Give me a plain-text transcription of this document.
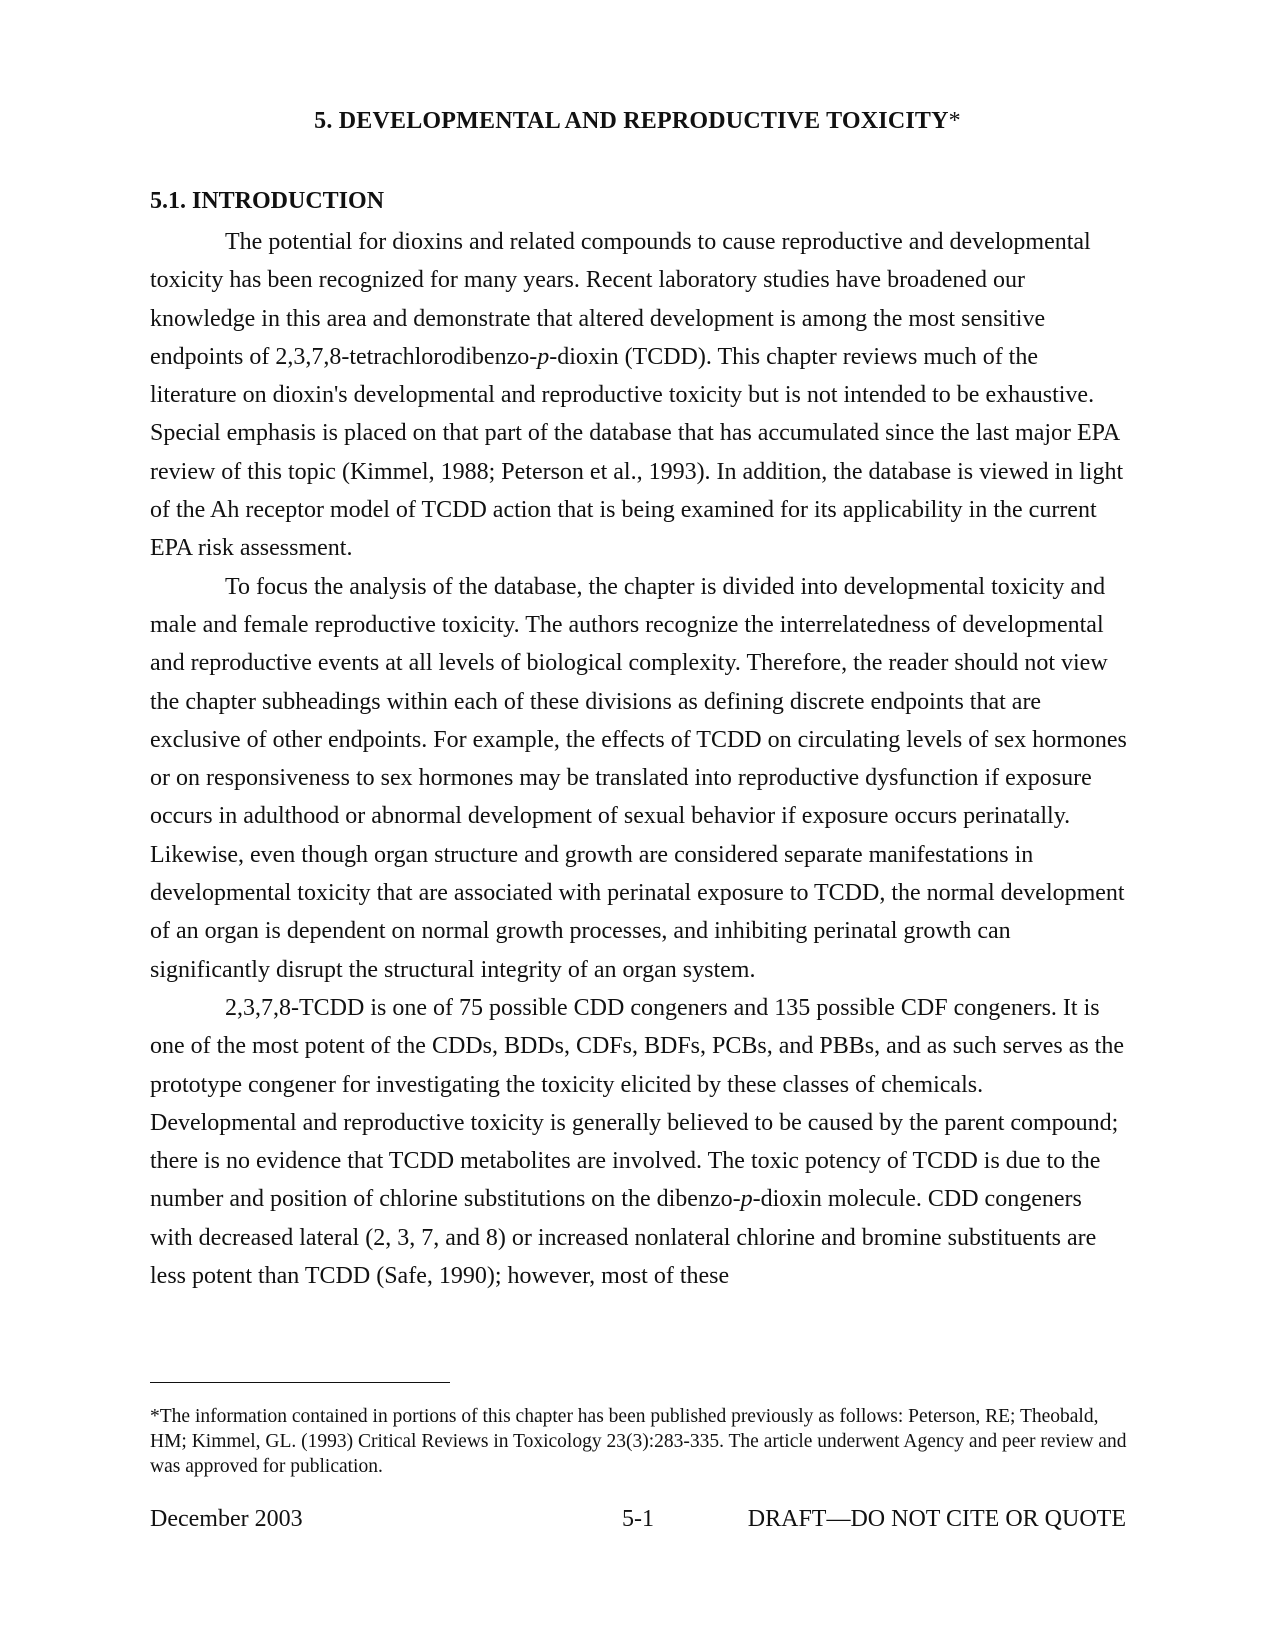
5. DEVELOPMENTAL AND REPRODUCTIVE TOXICITY*
5.1. INTRODUCTION

The potential for dioxins and related compounds to cause reproductive and developmental toxicity has been recognized for many years. Recent laboratory studies have broadened our knowledge in this area and demonstrate that altered development is among the most sensitive endpoints of 2,3,7,8-tetrachlorodibenzo-p-dioxin (TCDD). This chapter reviews much of the literature on dioxin's developmental and reproductive toxicity but is not intended to be exhaustive. Special emphasis is placed on that part of the database that has accumulated since the last major EPA review of this topic (Kimmel, 1988; Peterson et al., 1993). In addition, the database is viewed in light of the Ah receptor model of TCDD action that is being examined for its applicability in the current EPA risk assessment.

To focus the analysis of the database, the chapter is divided into developmental toxicity and male and female reproductive toxicity. The authors recognize the interrelatedness of developmental and reproductive events at all levels of biological complexity. Therefore, the reader should not view the chapter subheadings within each of these divisions as defining discrete endpoints that are exclusive of other endpoints. For example, the effects of TCDD on circulating levels of sex hormones or on responsiveness to sex hormones may be translated into reproductive dysfunction if exposure occurs in adulthood or abnormal development of sexual behavior if exposure occurs perinatally. Likewise, even though organ structure and growth are considered separate manifestations in developmental toxicity that are associated with perinatal exposure to TCDD, the normal development of an organ is dependent on normal growth processes, and inhibiting perinatal growth can significantly disrupt the structural integrity of an organ system.

2,3,7,8-TCDD is one of 75 possible CDD congeners and 135 possible CDF congeners. It is one of the most potent of the CDDs, BDDs, CDFs, BDFs, PCBs, and PBBs, and as such serves as the prototype congener for investigating the toxicity elicited by these classes of chemicals. Developmental and reproductive toxicity is generally believed to be caused by the parent compound; there is no evidence that TCDD metabolites are involved. The toxic potency of TCDD is due to the number and position of chlorine substitutions on the dibenzo-p-dioxin molecule. CDD congeners with decreased lateral (2, 3, 7, and 8) or increased nonlateral chlorine and bromine substituents are less potent than TCDD (Safe, 1990); however, most of these

*The information contained in portions of this chapter has been published previously as follows: Peterson, RE; Theobald, HM; Kimmel, GL. (1993) Critical Reviews in Toxicology 23(3):283-335. The article underwent Agency and peer review and was approved for publication.
December 2003	5-1	DRAFT—DO NOT CITE OR QUOTE
